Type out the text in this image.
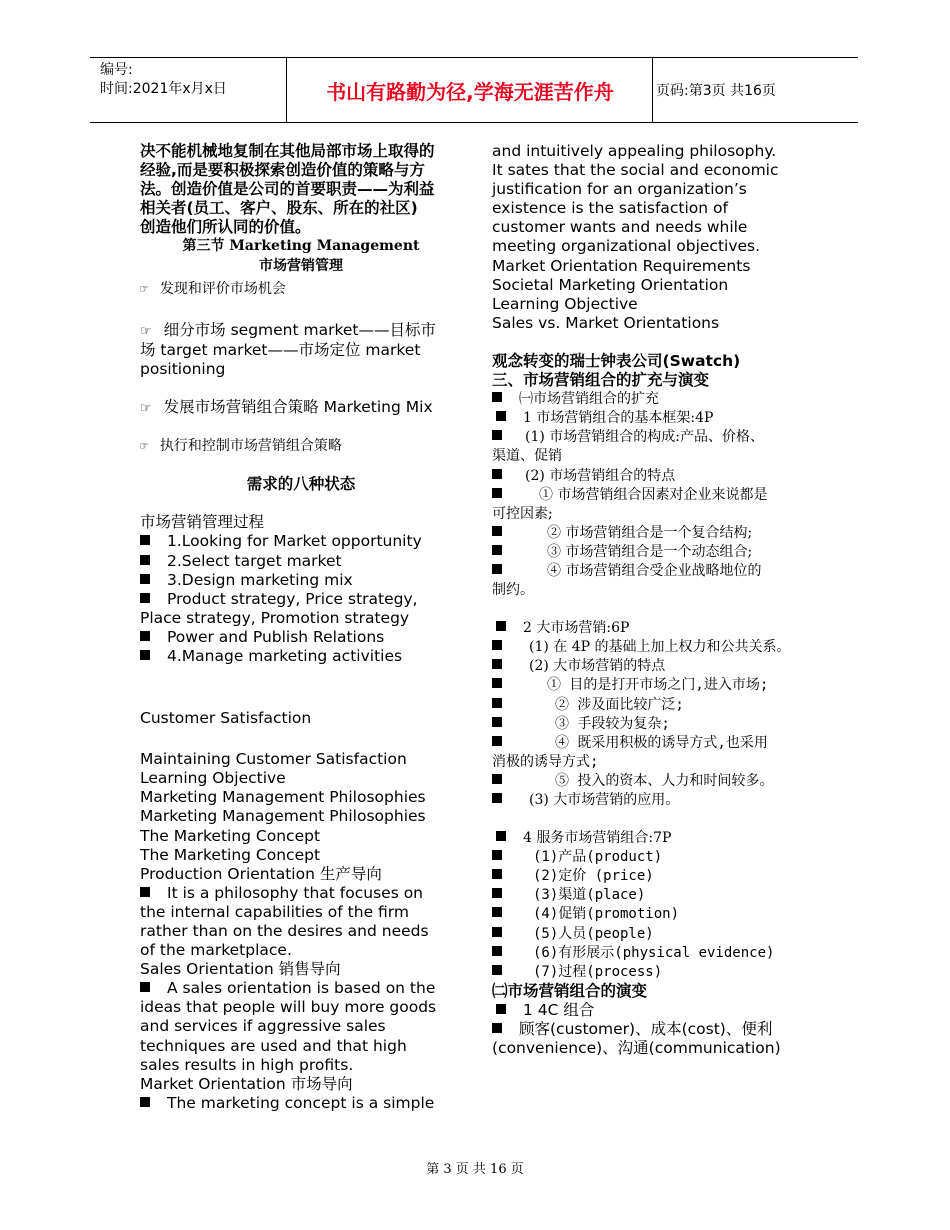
编号:
时间:2021年x月x日	书山有路勤为径,学海无涯苦作舟	页码:第3页 共16页
决不能机械地复制在其他局部市场上取得的
经验,而是要积极探索创造价值的策略与方
法。创造价值是公司的首要职责——为利益
相关者(员工、客户、股东、所在的社区)
创造他们所认同的价值。
第三节 Marketing Management
市场营销管理
☞ 发现和评价市场机会
☞ 细分市场 segment market——目标市
场 target market——市场定位 market
positioning
☞ 发展市场营销组合策略 Marketing Mix
☞ 执行和控制市场营销组合策略
需求的八种状态
市场营销管理过程
1.Looking for Market opportunity
2.Select target market
3.Design marketing mix
Product strategy, Price strategy,
Place strategy, Promotion strategy
Power and Publish Relations
4.Manage marketing activities
Customer Satisfaction
Maintaining Customer Satisfaction
Learning Objective
Marketing Management Philosophies
Marketing Management Philosophies
The Marketing Concept
The Marketing Concept
Production Orientation 生产导向
It is a philosophy that focuses on
the internal capabilities of the firm
rather than on the desires and needs
of the marketplace.
Sales Orientation 销售导向
A sales orientation is based on the
ideas that people will buy more goods
and services if aggressive sales
techniques are used and that high
sales results in high profits.
Market Orientation 市场导向
The marketing concept is a simple
and intuitively appealing philosophy.
It sates that the social and economic
justification for an organization’s
existence is the satisfaction of
customer wants and needs while
meeting organizational objectives.
Market Orientation Requirements
Societal Marketing Orientation
Learning Objective
Sales vs. Market Orientations
观念转变的瑞士钟表公司(Swatch)
三、市场营销组合的扩充与演变
㈠市场营销组合的扩充
1 市场营销组合的基本框架:4P
(1) 市场营销组合的构成:产品、价格、
渠道、促销
(2) 市场营销组合的特点
① 市场营销组合因素对企业来说都是
可控因素;
② 市场营销组合是一个复合结构;
③ 市场营销组合是一个动态组合;
④ 市场营销组合受企业战略地位的
制约。
2 大市场营销:6P
(1) 在 4P 的基础上加上权力和公共关系。
(2) 大市场营销的特点
① 目的是打开市场之门,进入市场;
② 涉及面比较广泛;
③ 手段较为复杂;
④ 既采用积极的诱导方式,也采用
消极的诱导方式;
⑤ 投入的资本、人力和时间较多。
(3) 大市场营销的应用。
4 服务市场营销组合:7P
(1)产品(product)
(2)定价 (price)
(3)渠道(place)
(4)促销(promotion)
(5)人员(people)
(6)有形展示(physical evidence)
(7)过程(process)
㈡市场营销组合的演变
1 4C 组合
顾客(customer)、成本(cost)、便利
(convenience)、沟通(communication)
第 3 页 共 16 页
